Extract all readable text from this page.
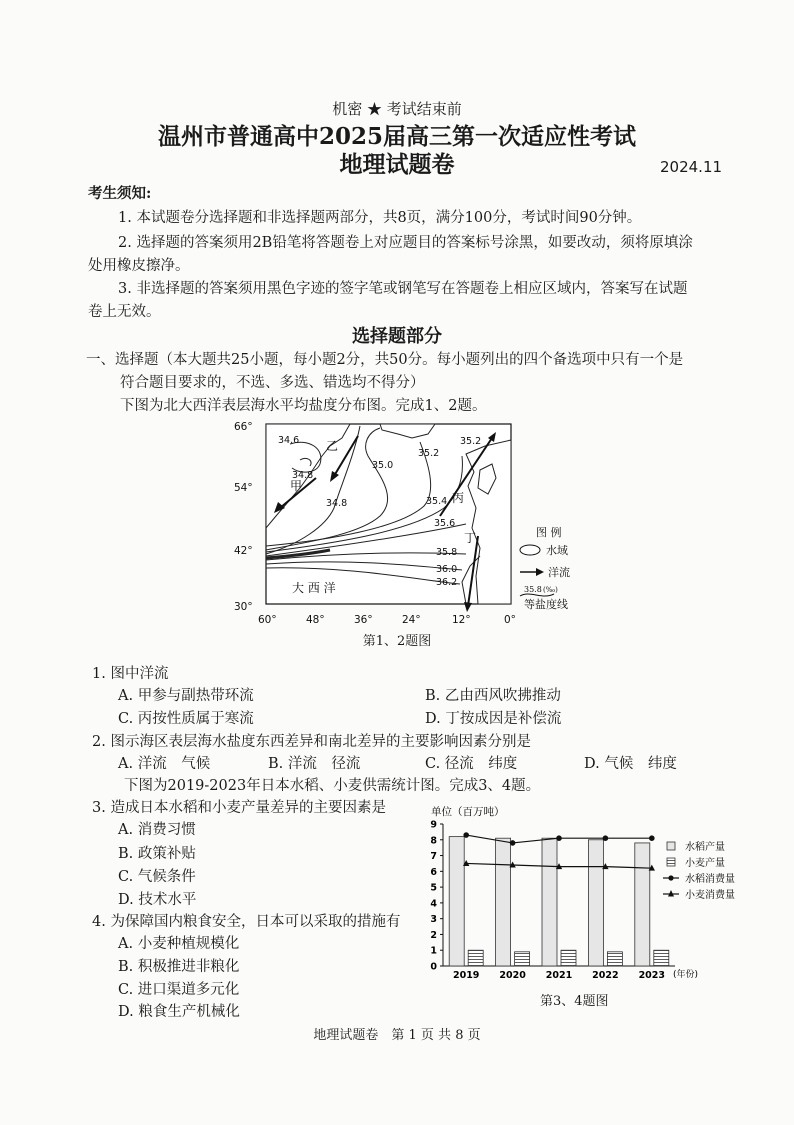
机密 ★ 考试结束前
温州市普通高中2025届高三第一次适应性考试
地理试题卷	2024.11
考生须知:
1. 本试题卷分选择题和非选择题两部分，共8页，满分100分，考试时间90分钟。
2. 选择题的答案须用2B铅笔将答题卷上对应题目的答案标号涂黑，如要改动，须将原填涂
处用橡皮擦净。
3. 非选择题的答案须用黑色字迹的签字笔或钢笔写在答题卷上相应区域内，答案写在试题
卷上无效。
选择题部分
一、选择题（本大题共25小题，每小题2分，共50分。每小题列出的四个备选项中只有一个是
符合题目要求的，不选、多选、错选均不得分）
下图为北大西洋表层海水平均盐度分布图。完成1、2题。
34.6
34.8
35.0
35.2
35.2
34.8	35.4
35.6
35.8
36.0
36.2
甲
乙
丙
丁
大 西 洋
66°
54°
42°
30°
60°	48°	36°	24°	12°	0°
图 例
水域
洋流
35.8 (‰)
等盐度线
第1、2题图
1. 图中洋流
A. 甲参与副热带环流	B. 乙由西风吹拂推动
C. 丙按性质属于寒流	D. 丁按成因是补偿流
2. 图示海区表层海水盐度东西差异和南北差异的主要影响因素分别是
A. 洋流　气候	B. 洋流　径流	C. 径流　纬度	D. 气候　纬度
下图为2019-2023年日本水稻、小麦供需统计图。完成3、4题。
3. 造成日本水稻和小麦产量差异的主要因素是
A. 消费习惯
B. 政策补贴
C. 气候条件
D. 技术水平
4. 为保障国内粮食安全，日本可以采取的措施有
A. 小麦种植规模化
B. 积极推进非粮化
C. 进口渠道多元化
D. 粮食生产机械化
单位（百万吨）
0
1
2
3
4
5
6
7
8
9
2019 2020 2021 2022 2023 (年份)
水稻产量
小麦产量
水稻消费量
小麦消费量
第3、4题图
地理试题卷　第 1 页 共 8 页
